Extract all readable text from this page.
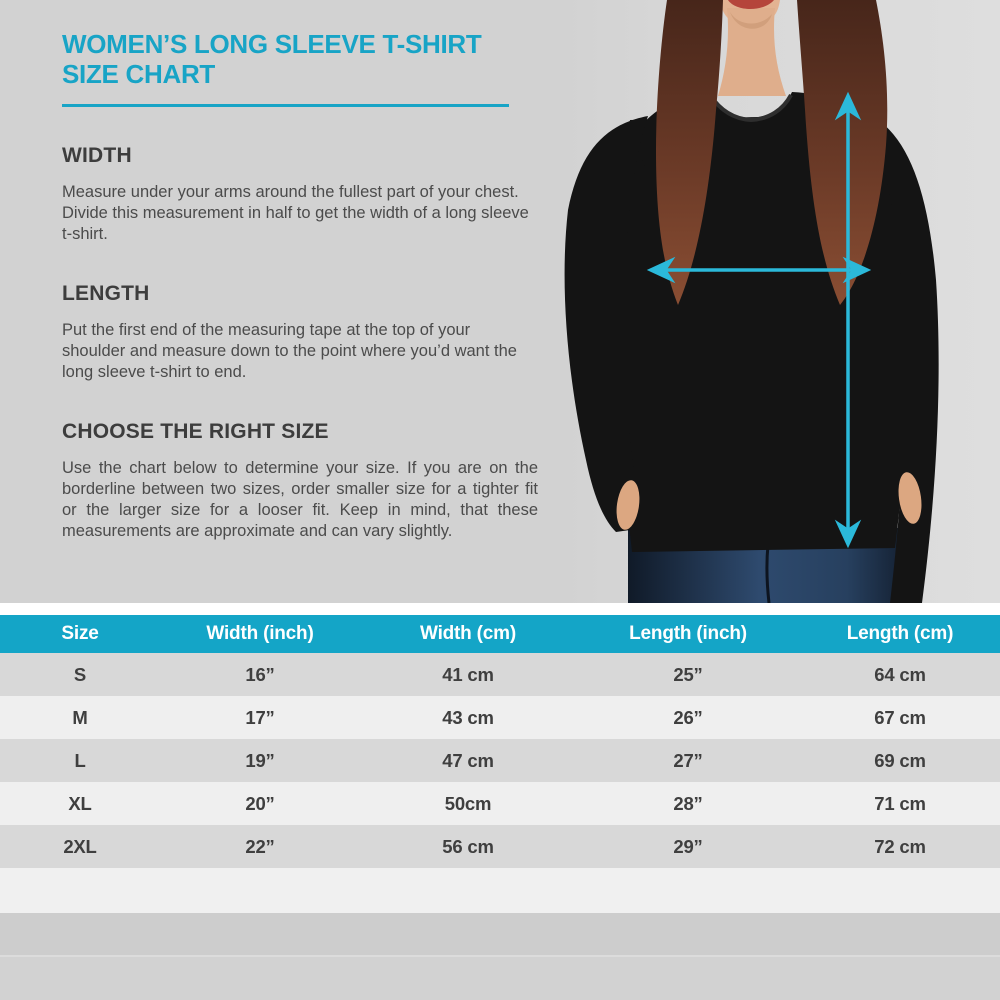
WOMEN’S LONG SLEEVE T-SHIRT SIZE CHART
WIDTH

Measure under your arms around the fullest part of your chest. Divide this measurement in half to get the width of a long sleeve t-shirt.

LENGTH

Put the first end of the measuring tape at the top of your shoulder and measure down to the point where you’d want the long sleeve t-shirt to end.

CHOOSE THE RIGHT SIZE

Use the chart below to determine your size. If you are on the borderline between two sizes, order smaller size for a tighter fit or the larger size for a looser fit. Keep in mind, that these measurements are approximate and can vary slightly.

Size	Width (inch)	Width (cm)	Length (inch)	Length (cm)
S	16”	41 cm	25”	64 cm
M	17”	43 cm	26”	67 cm
L	19”	47 cm	27”	69 cm
XL	20”	50cm	28”	71 cm
2XL	22”	56 cm	29”	72 cm
